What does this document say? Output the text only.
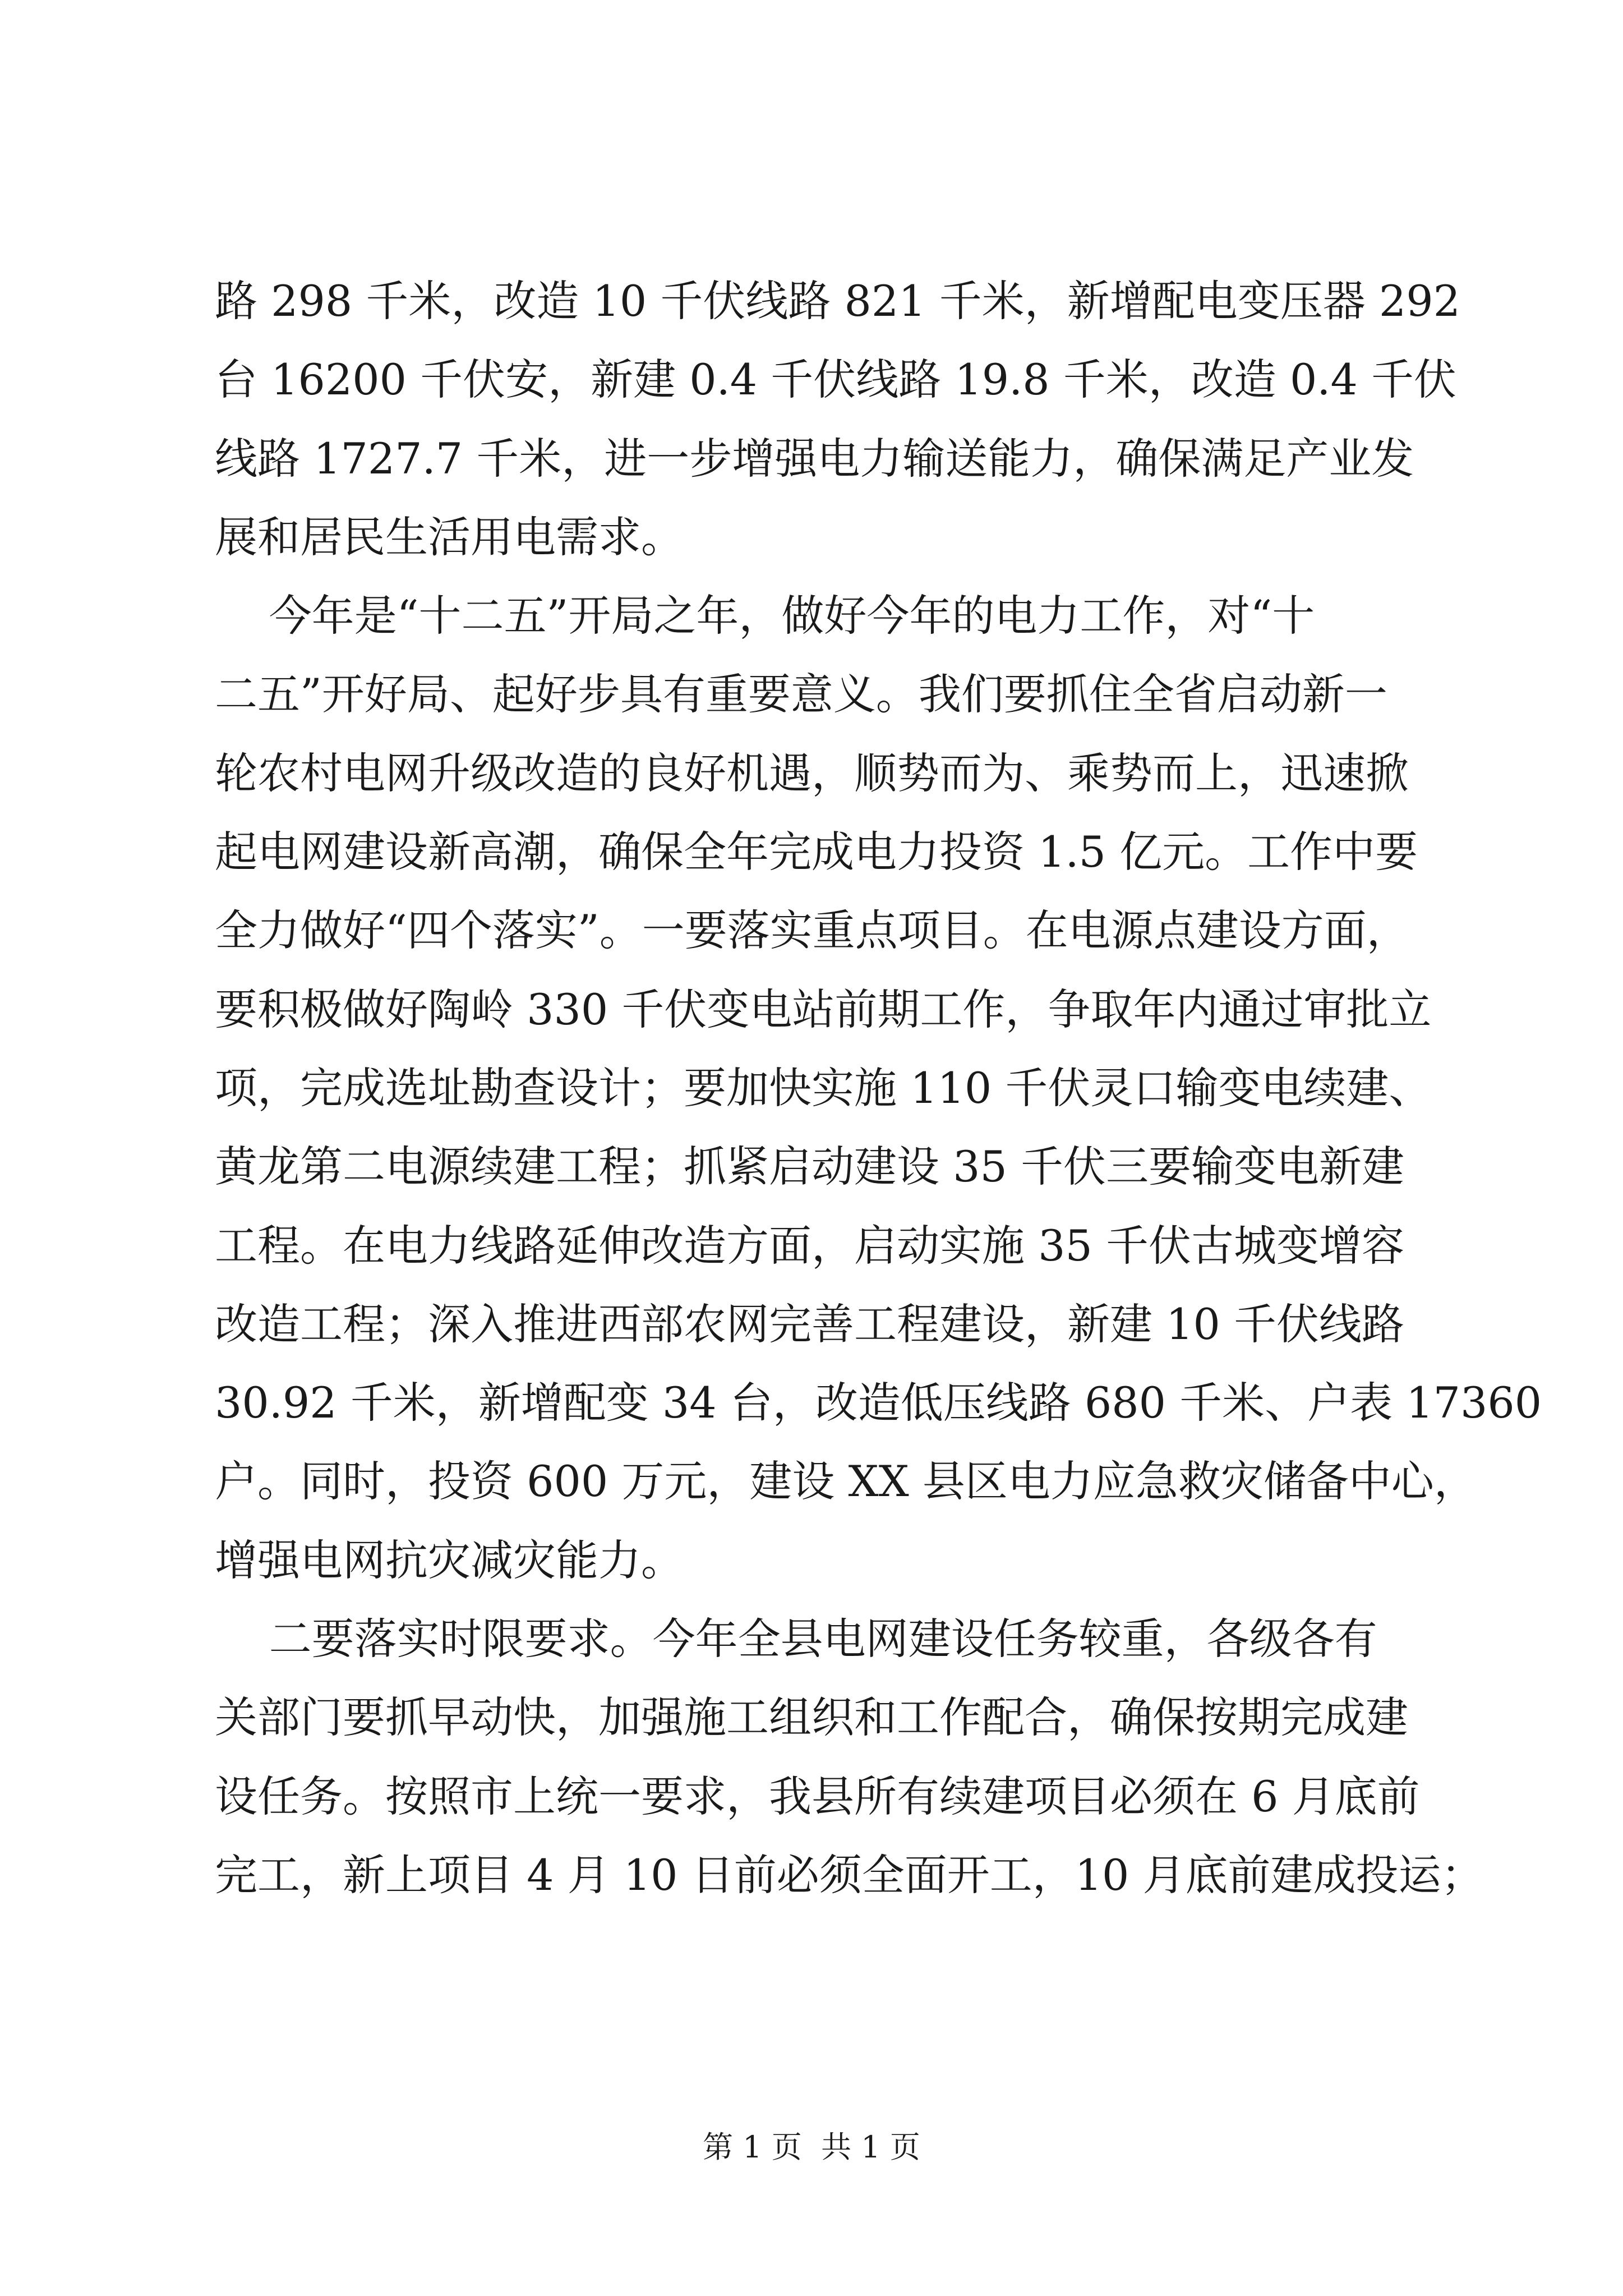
路 298 千米，改造 10 千伏线路 821 千米，新增配电变压器 292
台 16200 千伏安，新建 0.4 千伏线路 19.8 千米，改造 0.4 千伏
线路 1727.7 千米，进一步增强电力输送能力，确保满足产业发
展和居民生活用电需求。
今年是“十二五”开局之年，做好今年的电力工作，对“十
二五”开好局、起好步具有重要意义。我们要抓住全省启动新一
轮农村电网升级改造的良好机遇，顺势而为、乘势而上，迅速掀
起电网建设新高潮，确保全年完成电力投资 1.5 亿元。工作中要
全力做好“四个落实”。一要落实重点项目。在电源点建设方面，
要积极做好陶岭 330 千伏变电站前期工作，争取年内通过审批立
项，完成选址勘查设计；要加快实施 110 千伏灵口输变电续建、
黄龙第二电源续建工程；抓紧启动建设 35 千伏三要输变电新建
工程。在电力线路延伸改造方面，启动实施 35 千伏古城变增容
改造工程；深入推进西部农网完善工程建设，新建 10 千伏线路
30.92 千米，新增配变 34 台，改造低压线路 680 千米、户表 17360
户。同时，投资 600 万元，建设 XX 县区电力应急救灾储备中心，
增强电网抗灾减灾能力。
二要落实时限要求。今年全县电网建设任务较重，各级各有
关部门要抓早动快，加强施工组织和工作配合，确保按期完成建
设任务。按照市上统一要求，我县所有续建项目必须在 6 月底前
完工，新上项目 4 月 10 日前必须全面开工，10 月底前建成投运；
第 1 页  共 1 页
